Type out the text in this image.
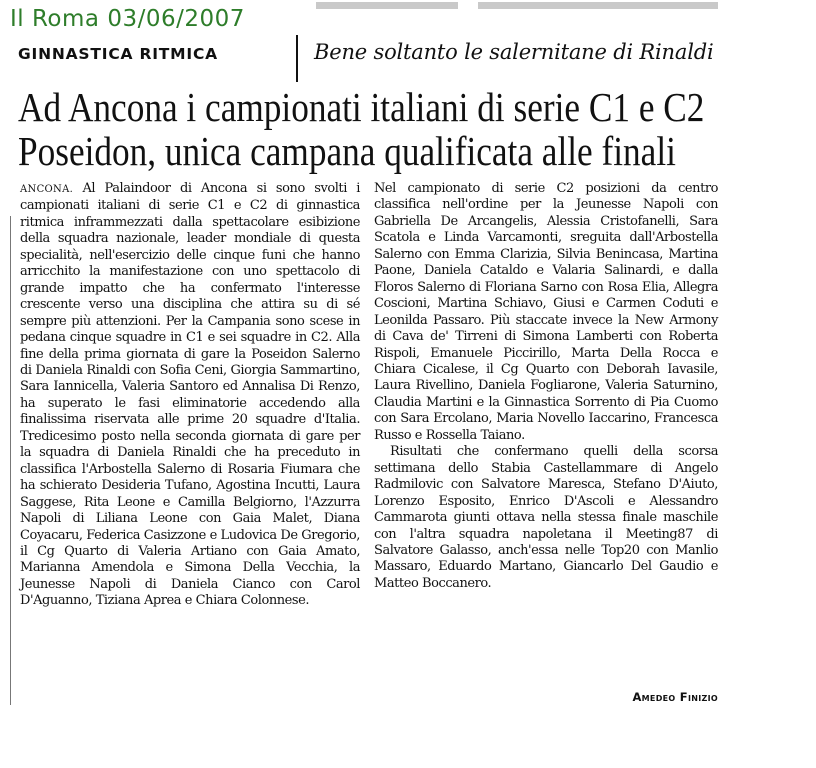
Il Roma 03/06/2007
GINNASTICA RITMICA	Bene soltanto le salernitane di Rinaldi
Ad Ancona i campionati italiani di serie C1 e C2
Poseidon, unica campana qualificata alle finali

ANCONA. Al Palaindoor di Ancona si sono svolti i campionati italiani di serie C1 e C2 di ginnastica ritmica inframmezzati dalla spettacolare esibizione della squadra nazionale, leader mondiale di questa specialità, nell'esercizio delle cinque funi che hanno arricchito la manifestazione con uno spettacolo di grande impatto che ha confermato l'interesse crescente verso una disciplina che attira su di sé sempre più attenzioni. Per la Campania sono scese in pedana cinque squadre in C1 e sei squadre in C2. Alla fine della prima giornata di gare la Poseidon Salerno di Daniela Rinaldi con Sofia Ceni, Giorgia Sammartino, Sara Iannicella, Valeria Santoro ed Annalisa Di Renzo, ha superato le fasi eliminatorie accedendo alla finalissima riservata alle prime 20 squadre d'Italia. Tredicesimo posto nella seconda giornata di gare per la squadra di Daniela Rinaldi che ha preceduto in classifica l'Arbostella Salerno di Rosaria Fiumara che ha schierato Desideria Tufano, Agostina Incutti, Laura Saggese, Rita Leone e Camilla Belgiorno, l'Azzurra Napoli di Liliana Leone con Gaia Malet, Diana Coyacaru, Federica Casizzone e Ludovica De Gregorio, il Cg Quarto di Valeria Artiano con Gaia Amato, Marianna Amendola e Simona Della Vecchia, la Jeunesse Napoli di Daniela Cianco con Carol D'Aguanno, Tiziana Aprea e Chiara Colonnese.

Nel campionato di serie C2 posizioni da centro classifica nell'ordine per la Jeunesse Napoli con Gabriella De Arcangelis, Alessia Cristofanelli, Sara Scatola e Linda Varcamonti, sreguita dall'Arbostella Salerno con Emma Clarizia, Silvia Benincasa, Martina Paone, Daniela Cataldo e Valaria Salinardi, e dalla Floros Salerno di Floriana Sarno con Rosa Elia, Allegra Coscioni, Martina Schiavo, Giusi e Carmen Coduti e Leonilda Passaro. Più staccate invece la New Armony di Cava de' Tirreni di Simona Lamberti con Roberta Rispoli, Emanuele Piccirillo, Marta Della Rocca e Chiara Cicalese, il Cg Quarto con Deborah Iavasile, Laura Rivellino, Daniela Fogliarone, Valeria Saturnino, Claudia Martini e la Ginnastica Sorrento di Pia Cuomo con Sara Ercolano, Maria Novello Iaccarino, Francesca Russo e Rossella Taiano.

Risultati che confermano quelli della scorsa settimana dello Stabia Castellammare di Angelo Radmilovic con Salvatore Maresca, Stefano D'Aiuto, Lorenzo Esposito, Enrico D'Ascoli e Alessandro Cammarota giunti ottava nella stessa finale maschile con l'altra squadra napoletana il Meeting87 di Salvatore Galasso, anch'essa nelle Top20 con Manlio Massaro, Eduardo Martano, Giancarlo Del Gaudio e Matteo Boccanero.

Amedeo Finizio
